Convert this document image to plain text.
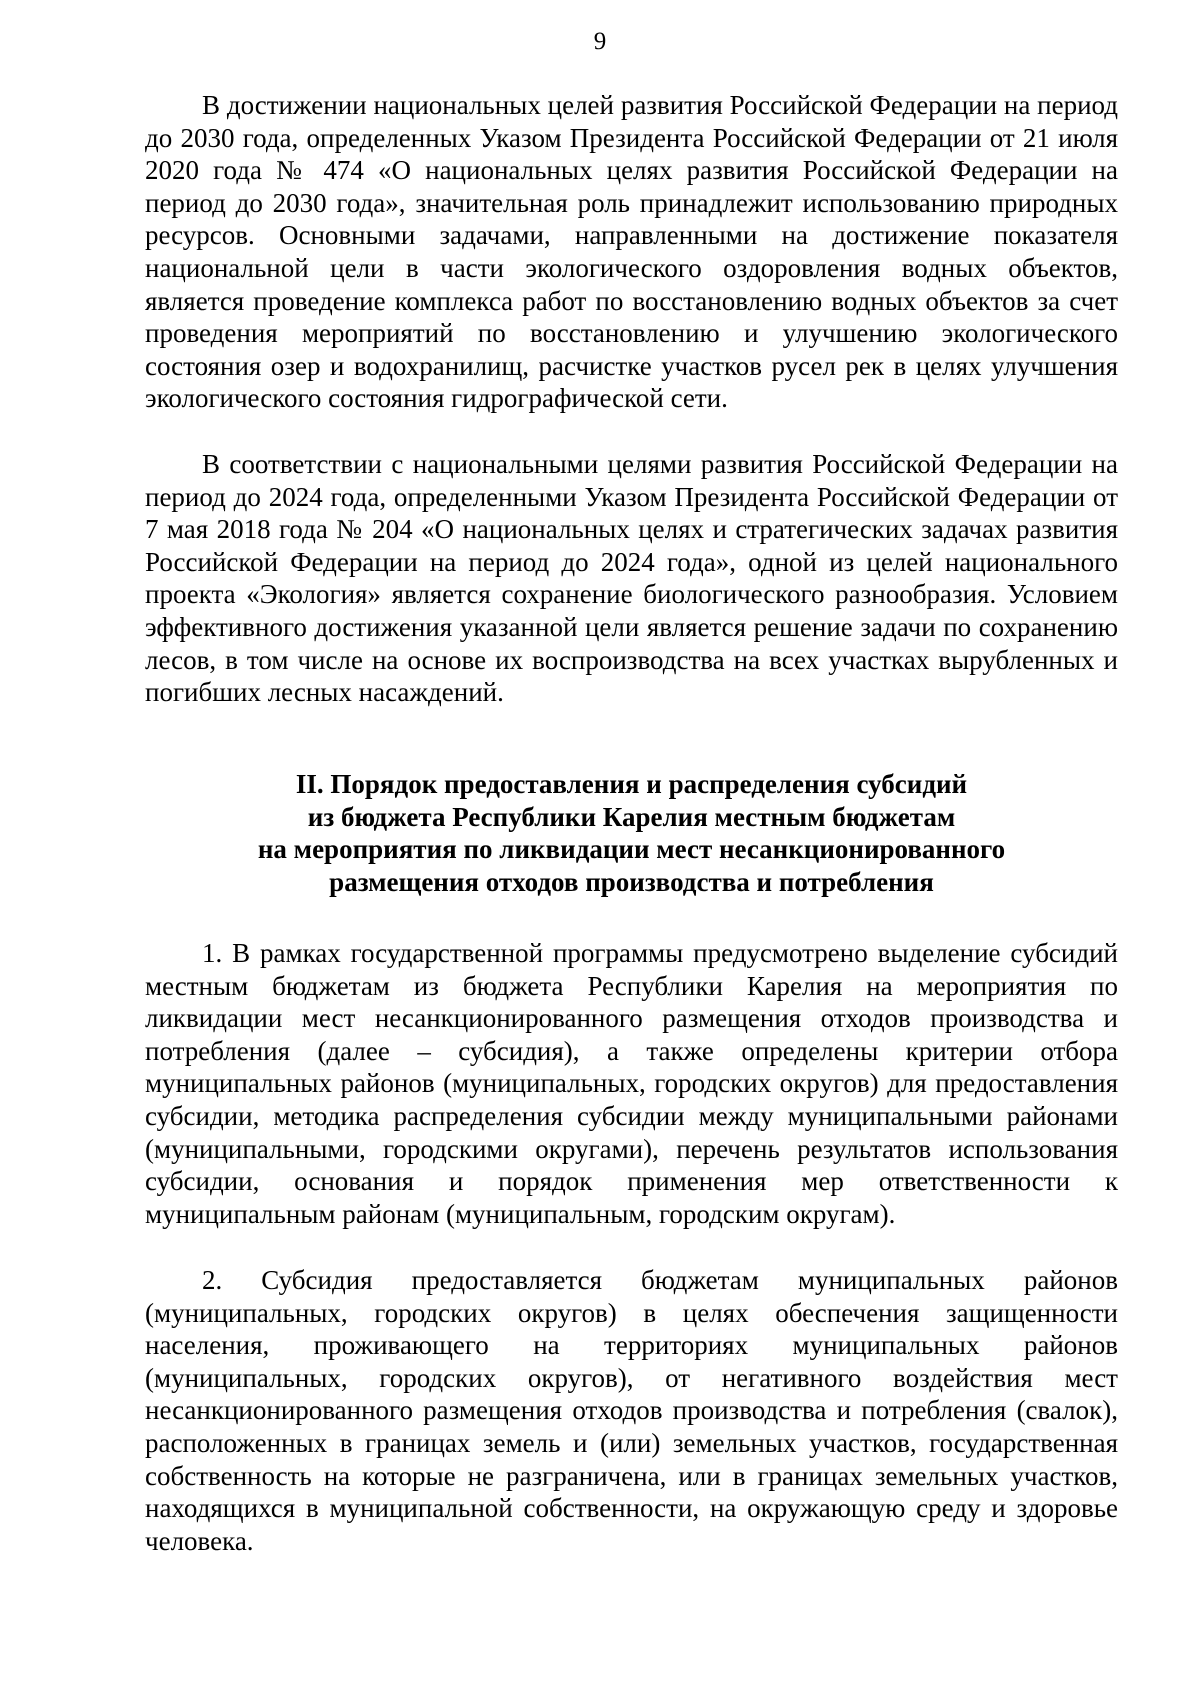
9

В достижении национальных целей развития Российской Федерации на период до 2030 года, определенных Указом Президента Российской Федерации от 21 июля 2020 года № 474 «О национальных целях развития Российской Федерации на период до 2030 года», значительная роль принадлежит использованию природных ресурсов. Основными задачами, направленными на достижение показателя национальной цели в части экологического оздоровления водных объектов, является проведение комплекса работ по восстановлению водных объектов за счет проведения мероприятий по восстановлению и улучшению экологического состояния озер и водохранилищ, расчистке участков русел рек в целях улучшения экологического состояния гидрографической сети.

В соответствии с национальными целями развития Российской Федерации на период до 2024 года, определенными Указом Президента Российской Федерации от 7 мая 2018 года № 204 «О национальных целях и стратегических задачах развития Российской Федерации на период до 2024 года», одной из целей национального проекта «Экология» является сохранение биологического разнообразия. Условием эффективного достижения указанной цели является решение задачи по сохранению лесов, в том числе на основе их воспроизводства на всех участках вырубленных и погибших лесных насаждений.

II. Порядок предоставления и распределения субсидий
из бюджета Республики Карелия местным бюджетам
на мероприятия по ликвидации мест несанкционированного
размещения отходов производства и потребления

1. В рамках государственной программы предусмотрено выделение субсидий местным бюджетам из бюджета Республики Карелия на мероприятия по ликвидации мест несанкционированного размещения отходов производства и потребления (далее – субсидия), а также определены критерии отбора муниципальных районов (муниципальных, городских округов) для предоставления субсидии, методика распределения субсидии между муниципальными районами (муниципальными, городскими округами), перечень результатов использования субсидии, основания и порядок применения мер ответственности к муниципальным районам (муниципальным, городским округам).

2. Субсидия предоставляется бюджетам муниципальных районов (муниципальных, городских округов) в целях обеспечения защищенности населения, проживающего на территориях муниципальных районов (муниципальных, городских округов), от негативного воздействия мест несанкционированного размещения отходов производства и потребления (свалок), расположенных в границах земель и (или) земельных участков, государственная собственность на которые не разграничена, или в границах земельных участков, находящихся в муниципальной собственности, на окружающую среду и здоровье человека.
